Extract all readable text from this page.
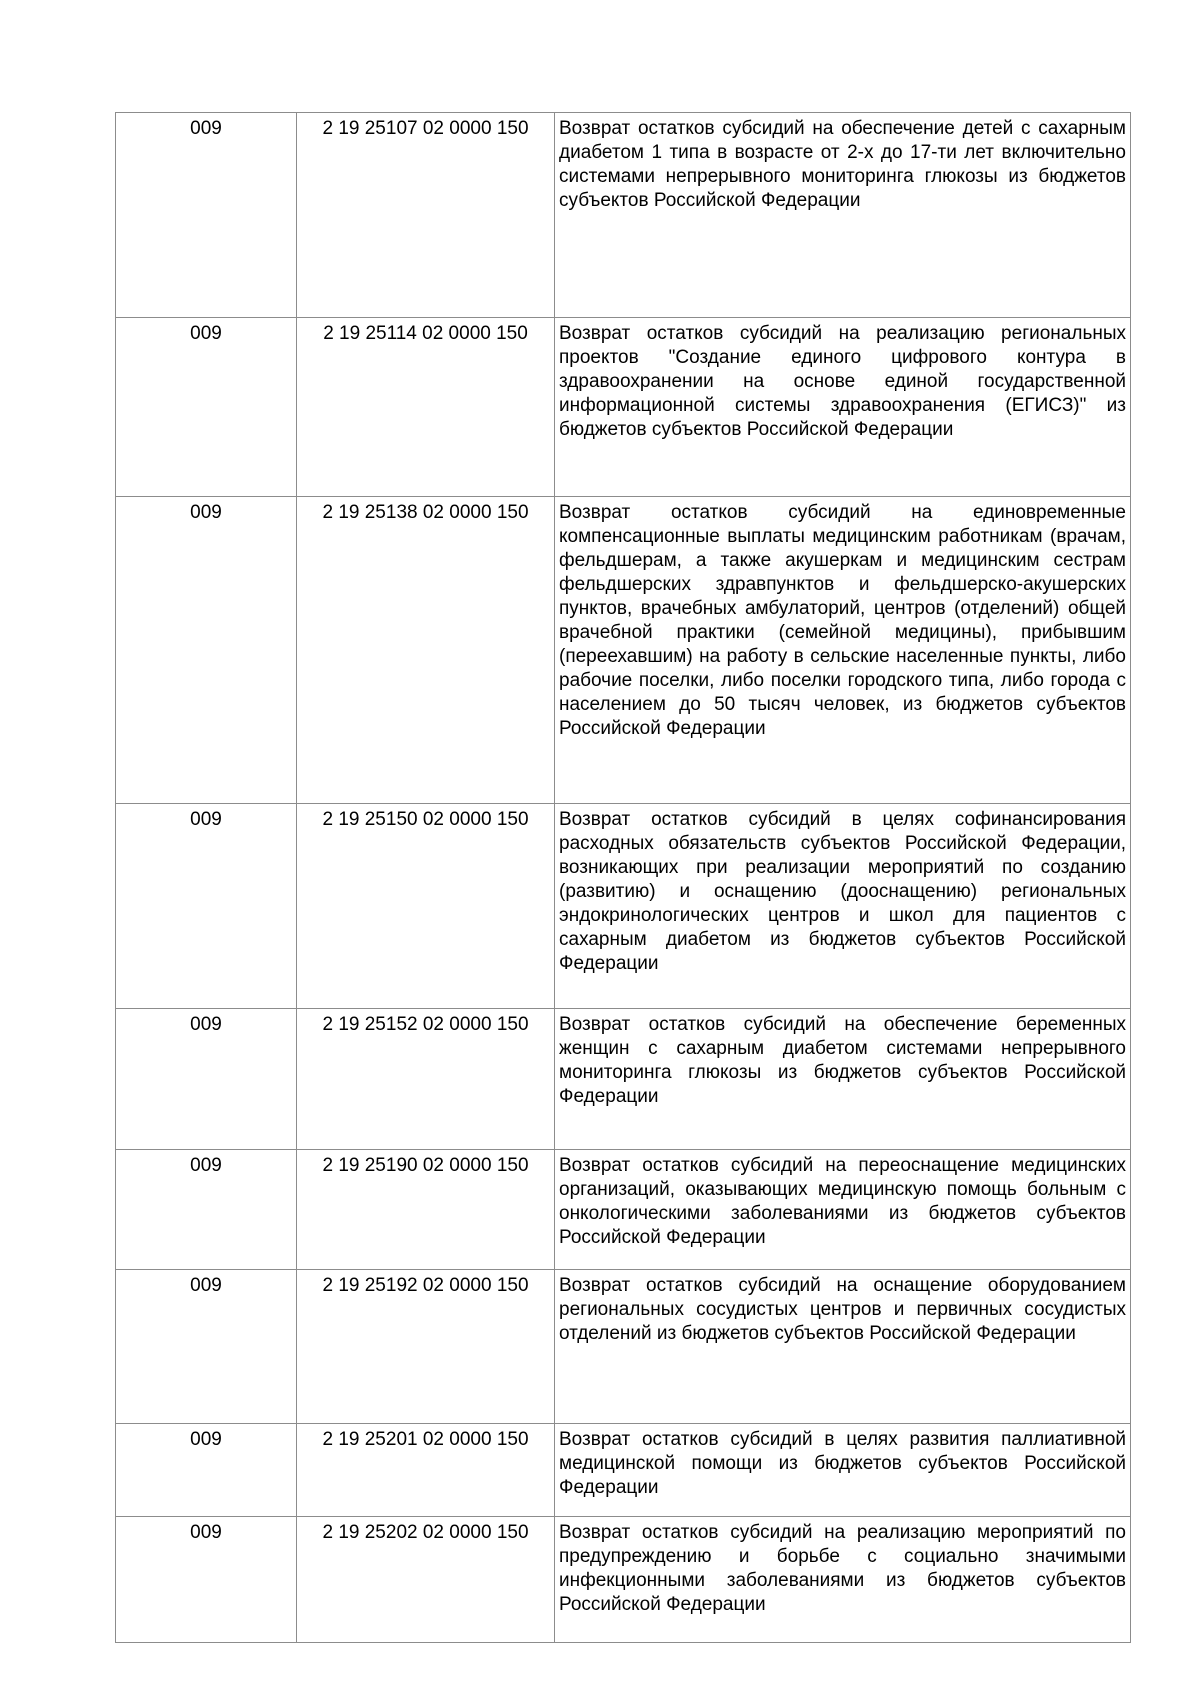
009	2 19 25107 02 0000 150	Возврат остатков субсидий на обеспечение детей с сахарным диабетом 1 типа в возрасте от 2-х до 17-ти лет включительно системами непрерывного мониторинга глюкозы из бюджетов субъектов Российской Федерации
009	2 19 25114 02 0000 150	Возврат остатков субсидий на реализацию региональных проектов "Создание единого цифрового контура в здравоохранении на основе единой государственной информационной системы здравоохранения (ЕГИСЗ)" из бюджетов субъектов Российской Федерации
009	2 19 25138 02 0000 150	Возврат остатков субсидий на единовременные компенсационные выплаты медицинским работникам (врачам, фельдшерам, а также акушеркам и медицинским сестрам фельдшерских здравпунктов и фельдшерско-акушерских пунктов, врачебных амбулаторий, центров (отделений) общей врачебной практики (семейной медицины), прибывшим (переехавшим) на работу в сельские населенные пункты, либо рабочие поселки, либо поселки городского типа, либо города с населением до 50 тысяч человек, из бюджетов субъектов Российской Федерации
009	2 19 25150 02 0000 150	Возврат остатков субсидий в целях софинансирования расходных обязательств субъектов Российской Федерации, возникающих при реализации мероприятий по созданию (развитию) и оснащению (дооснащению) региональных эндокринологических центров и школ для пациентов с сахарным диабетом из бюджетов субъектов Российской Федерации
009	2 19 25152 02 0000 150	Возврат остатков субсидий на обеспечение беременных женщин с сахарным диабетом системами непрерывного мониторинга глюкозы из бюджетов субъектов Российской Федерации
009	2 19 25190 02 0000 150	Возврат остатков субсидий на переоснащение медицинских организаций, оказывающих медицинскую помощь больным с онкологическими заболеваниями из бюджетов субъектов Российской Федерации
009	2 19 25192 02 0000 150	Возврат остатков субсидий на оснащение оборудованием региональных сосудистых центров и первичных сосудистых отделений из бюджетов субъектов Российской Федерации
009	2 19 25201 02 0000 150	Возврат остатков субсидий в целях развития паллиативной медицинской помощи из бюджетов субъектов Российской Федерации
009	2 19 25202 02 0000 150	Возврат остатков субсидий на реализацию мероприятий по предупреждению и борьбе с социально значимыми инфекционными заболеваниями из бюджетов субъектов Российской Федерации
